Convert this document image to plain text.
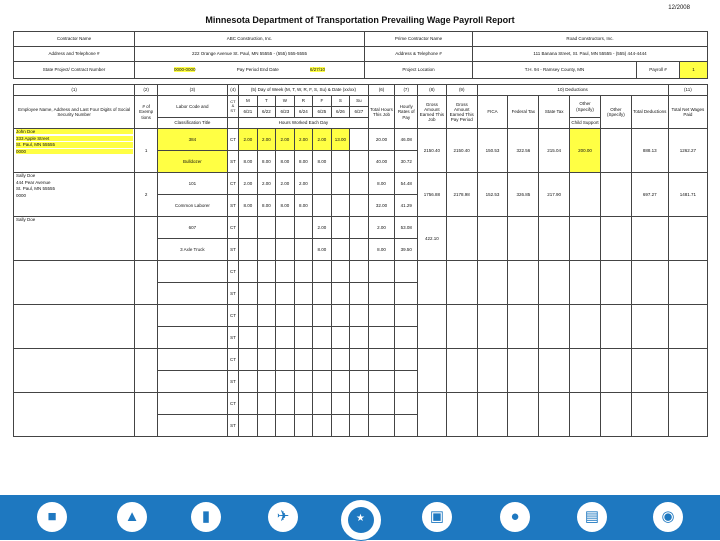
12/2008
Minnesota Department of Transportation Prevailing Wage Payroll Report
Contractor Name	ABC Construction, Inc.	Prime Contractor Name	Road Constructors, Inc.		
Address and Telephone #	222 Orange Avenue St. Paul, MN 55555 - (555) 555-5555	Address & Telephone #	111 Banana Street, St. Paul, MN 55555 - (555) 444-4444		
State Project/ Contract Number	0000-0000 Pay Period End Date 6/27/10	Project Location	T.H. 94 - Ramsey County, MN	Payroll #	1
(1)	(2)	(3)	(4)	(5) Day of Week (M, T, W, R, F, S, Su) & Date (xx/xx)							(6)	(7)	(8)	(9)	10) Deductions						(11)
Employee Name, Address and Last Four Digits of Social Security Number	# of Exemp tions	Labor Code and	CT & ST	M	T	W	R	F	S	Su	Total Hours This Job	Hourly Rates of Pay	Gross Amount Earned This Job	Gross Amount Earned This Pay Period	FICA	Federal Tax	State Tax	Other (Specify)	Other (Specify)	Total Deductions	Total Net Wages Paid
				6/21	6/22	6/23	6/24	6/25	6/26	6/27											
		Classification Title		Hours Worked Each Day														Child Support			

John Doe
333 Apple Street
St. Paul, MN 55555
0000	1	384	CT	2.00	2.00	2.00	2.00	2.00	13.00		20.00	46.08	2150.40	2150.40	150.53	322.56	215.04	200.00		888.13	1262.27
		Bulldozer	ST	8.00	8.00	8.00	8.00	8.00			40.00	30.72									

Sally Doe
444 Pear Avenue
St. Paul, MN 55555
0000	2	101	CT	2.00	2.00	2.00	2.00				8.00	54.48	1756.88	2178.98	152.53	326.85	217.90			697.27	1481.71
		Common Laborer	ST	8.00	8.00	8.00	8.00				32.00	41.29									

Sally Doe		607	CT					2.00			2.00	53.08	422.10								
		3 Axle Truck	ST					8.00			8.00	39.50									
			CT																		
			ST																		
			CT																		
			ST																		
			CT																		
			ST																		
			CT																		
			ST																		
■	▲	▮	✈	▣	●	▤	◉
★
